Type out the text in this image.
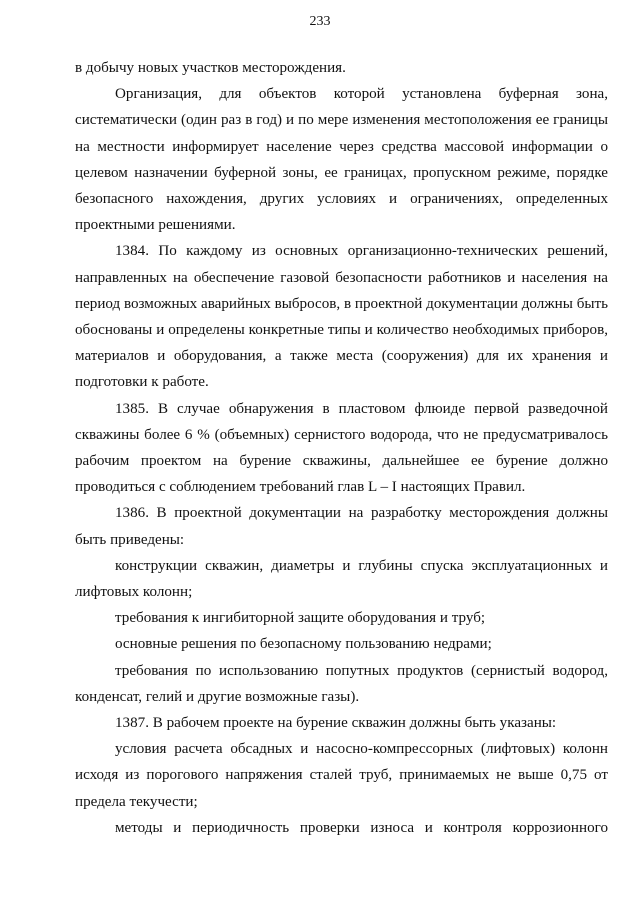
233

в добычу новых участков месторождения.

Организация, для объектов которой установлена буферная зона, систематически (один раз в год) и по мере изменения местоположения ее границы на местности информирует население через средства массовой информации о целевом назначении буферной зоны, ее границах, пропускном режиме, порядке безопасного нахождения, других условиях и ограничениях, определенных проектными решениями.

1384. По каждому из основных организационно-технических решений, направленных на обеспечение газовой безопасности работников и населения на период возможных аварийных выбросов, в проектной документации должны быть обоснованы и определены конкретные типы и количество необходимых приборов, материалов и оборудования, а также места (сооружения) для их хранения и подготовки к работе.

1385. В случае обнаружения в пластовом флюиде первой разведочной скважины более 6 % (объемных) сернистого водорода, что не предусматривалось рабочим проектом на бурение скважины, дальнейшее ее бурение должно проводиться с соблюдением требований глав L – I настоящих Правил.

1386. В проектной документации на разработку месторождения должны быть приведены:

конструкции скважин, диаметры и глубины спуска эксплуатационных и лифтовых колонн;

требования к ингибиторной защите оборудования и труб;

основные решения по безопасному пользованию недрами;

требования по использованию попутных продуктов (сернистый водород, конденсат, гелий и другие возможные газы).

1387. В рабочем проекте на бурение скважин должны быть указаны:

условия расчета обсадных и насосно-компрессорных (лифтовых) колонн исходя из порогового напряжения сталей труб, принимаемых не выше 0,75 от предела текучести;

методы и периодичность проверки износа и контроля коррозионного
